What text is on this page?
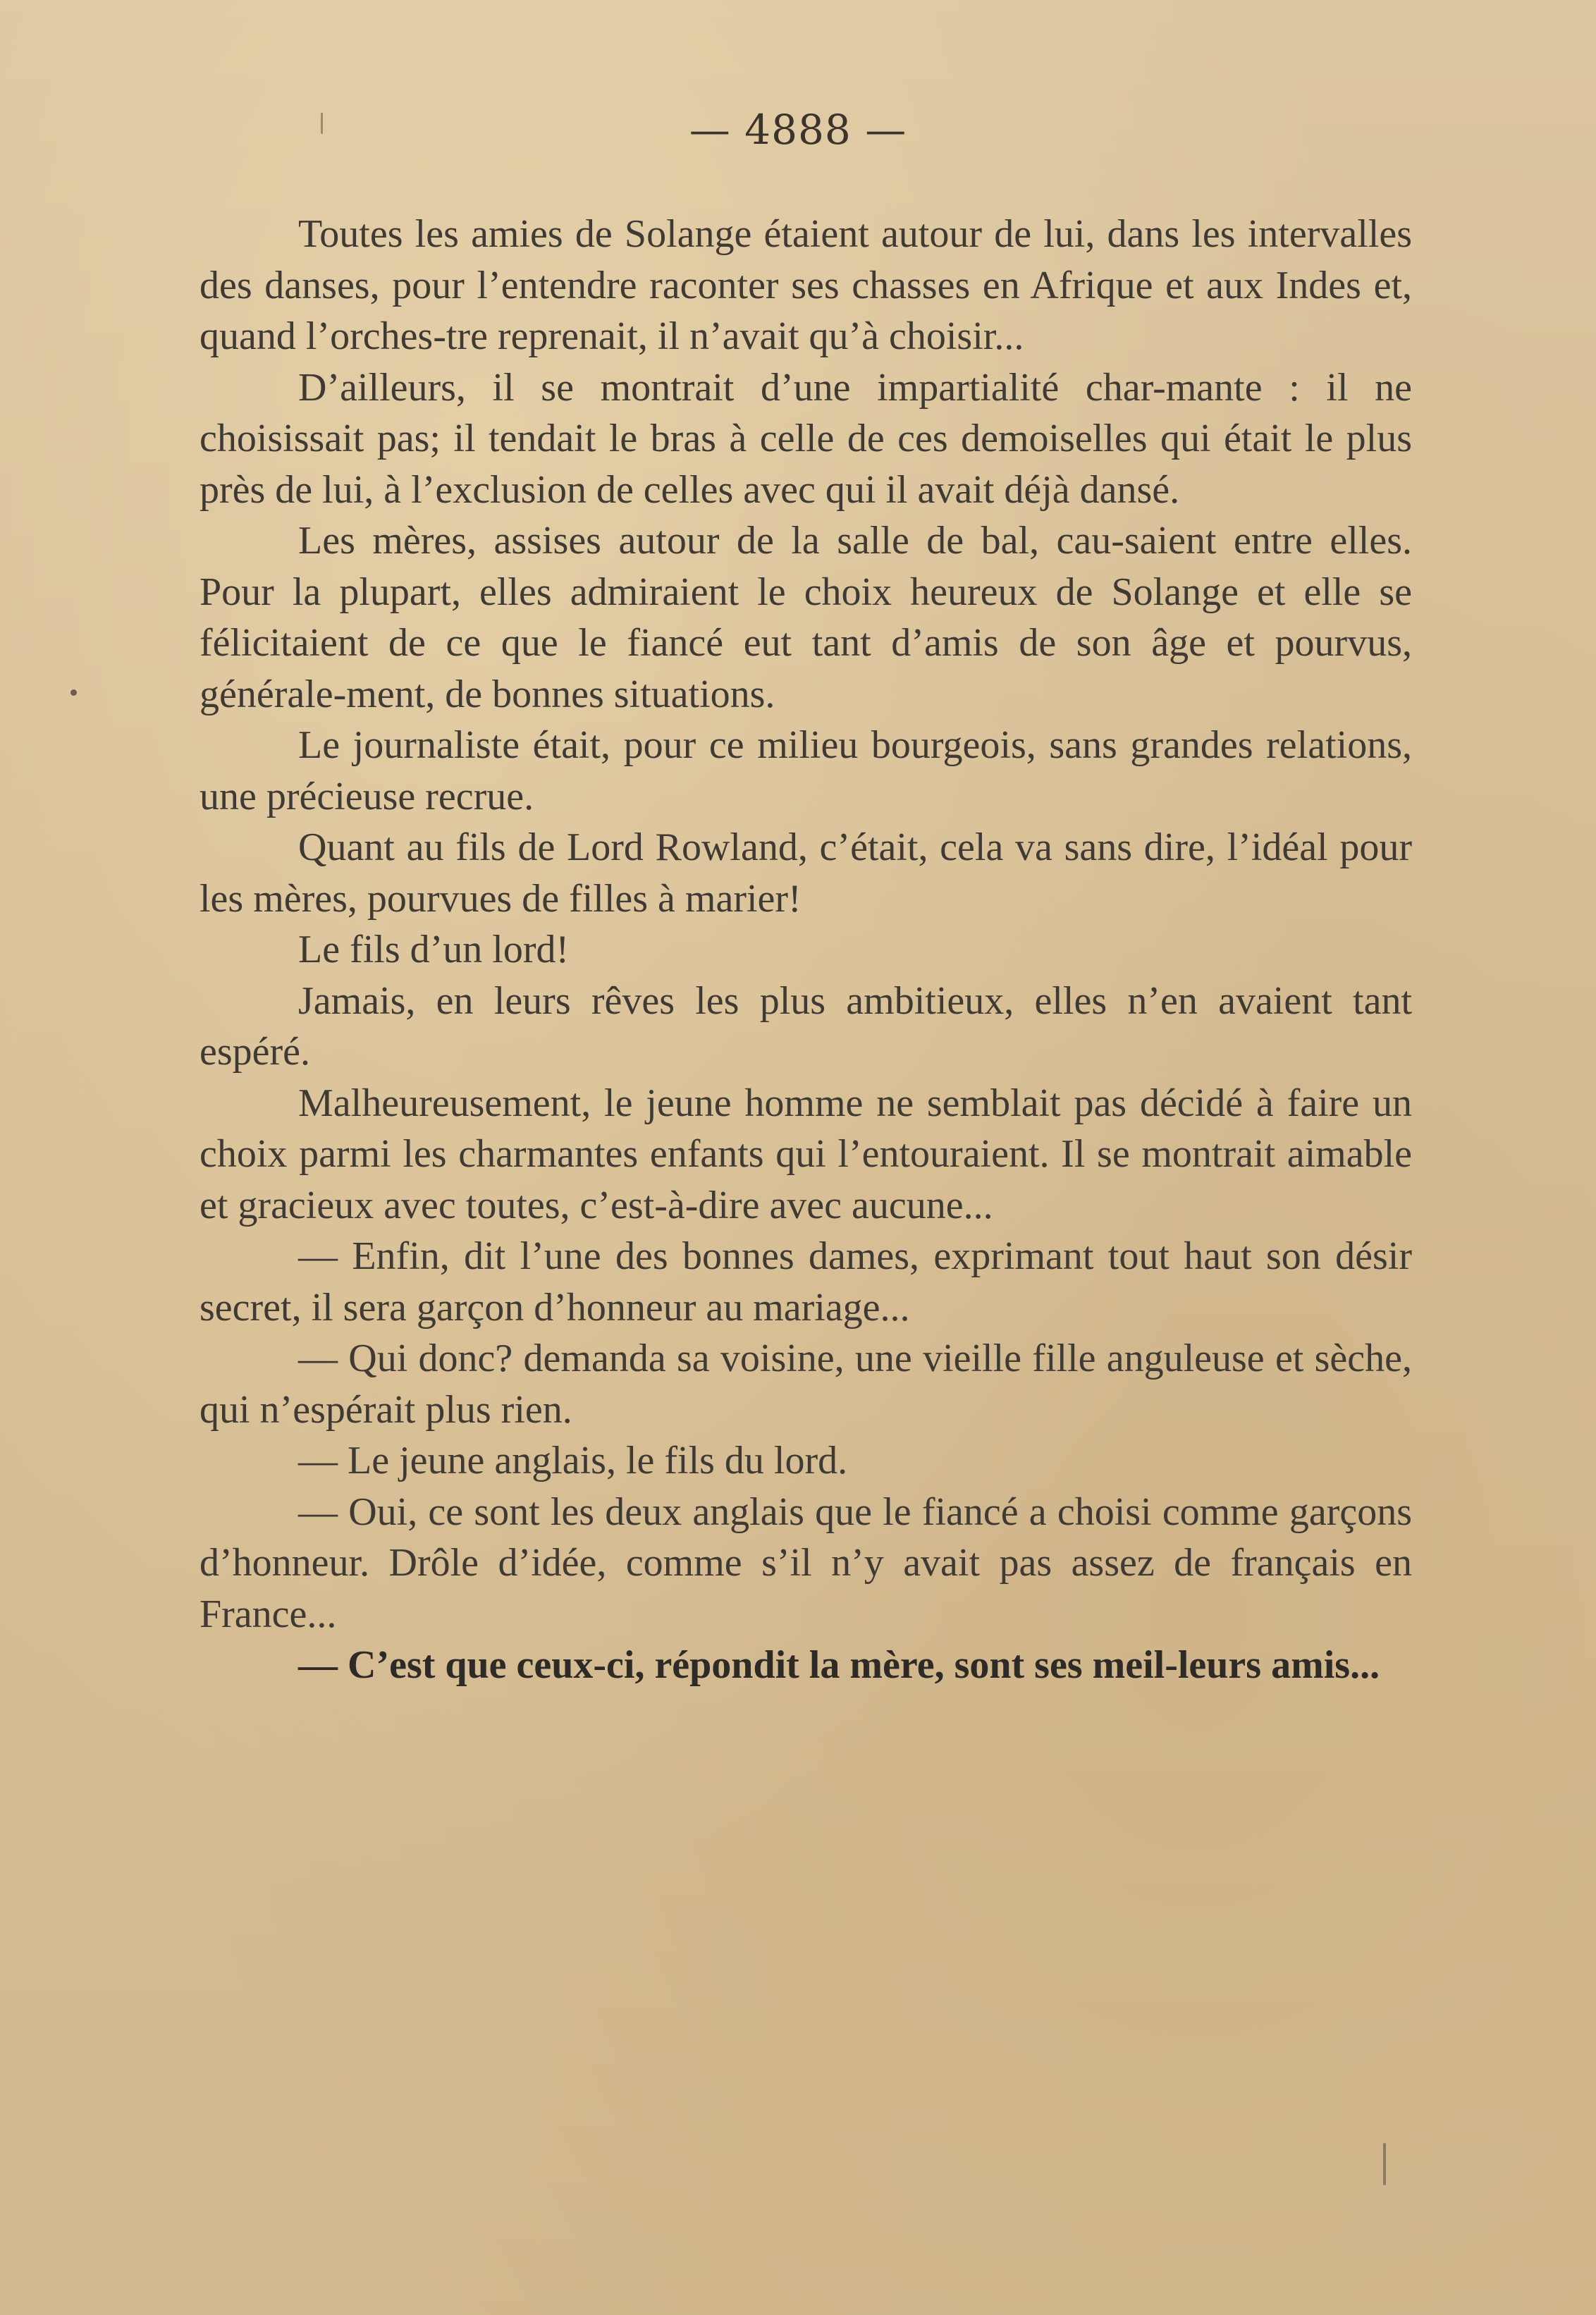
— 4888 —

Toutes les amies de Solange étaient autour de lui, dans les intervalles des danses, pour l’entendre raconter ses chasses en Afrique et aux Indes et, quand l’orches-tre reprenait, il n’avait qu’à choisir...

D’ailleurs, il se montrait d’une impartialité char-mante : il ne choisissait pas; il tendait le bras à celle de ces demoiselles qui était le plus près de lui, à l’exclusion de celles avec qui il avait déjà dansé.

Les mères, assises autour de la salle de bal, cau-saient entre elles. Pour la plupart, elles admiraient le choix heureux de Solange et elle se félicitaient de ce que le fiancé eut tant d’amis de son âge et pourvus, générale-ment, de bonnes situations.

Le journaliste était, pour ce milieu bourgeois, sans grandes relations, une précieuse recrue.

Quant au fils de Lord Rowland, c’était, cela va sans dire, l’idéal pour les mères, pourvues de filles à marier!

Le fils d’un lord!

Jamais, en leurs rêves les plus ambitieux, elles n’en avaient tant espéré.

Malheureusement, le jeune homme ne semblait pas décidé à faire un choix parmi les charmantes enfants qui l’entouraient. Il se montrait aimable et gracieux avec toutes, c’est-à-dire avec aucune...

— Enfin, dit l’une des bonnes dames, exprimant tout haut son désir secret, il sera garçon d’honneur au mariage...

— Qui donc? demanda sa voisine, une vieille fille anguleuse et sèche, qui n’espérait plus rien.

— Le jeune anglais, le fils du lord.

— Oui, ce sont les deux anglais que le fiancé a choisi comme garçons d’honneur. Drôle d’idée, comme s’il n’y avait pas assez de français en France...

— C’est que ceux-ci, répondit la mère, sont ses meil-leurs amis...
